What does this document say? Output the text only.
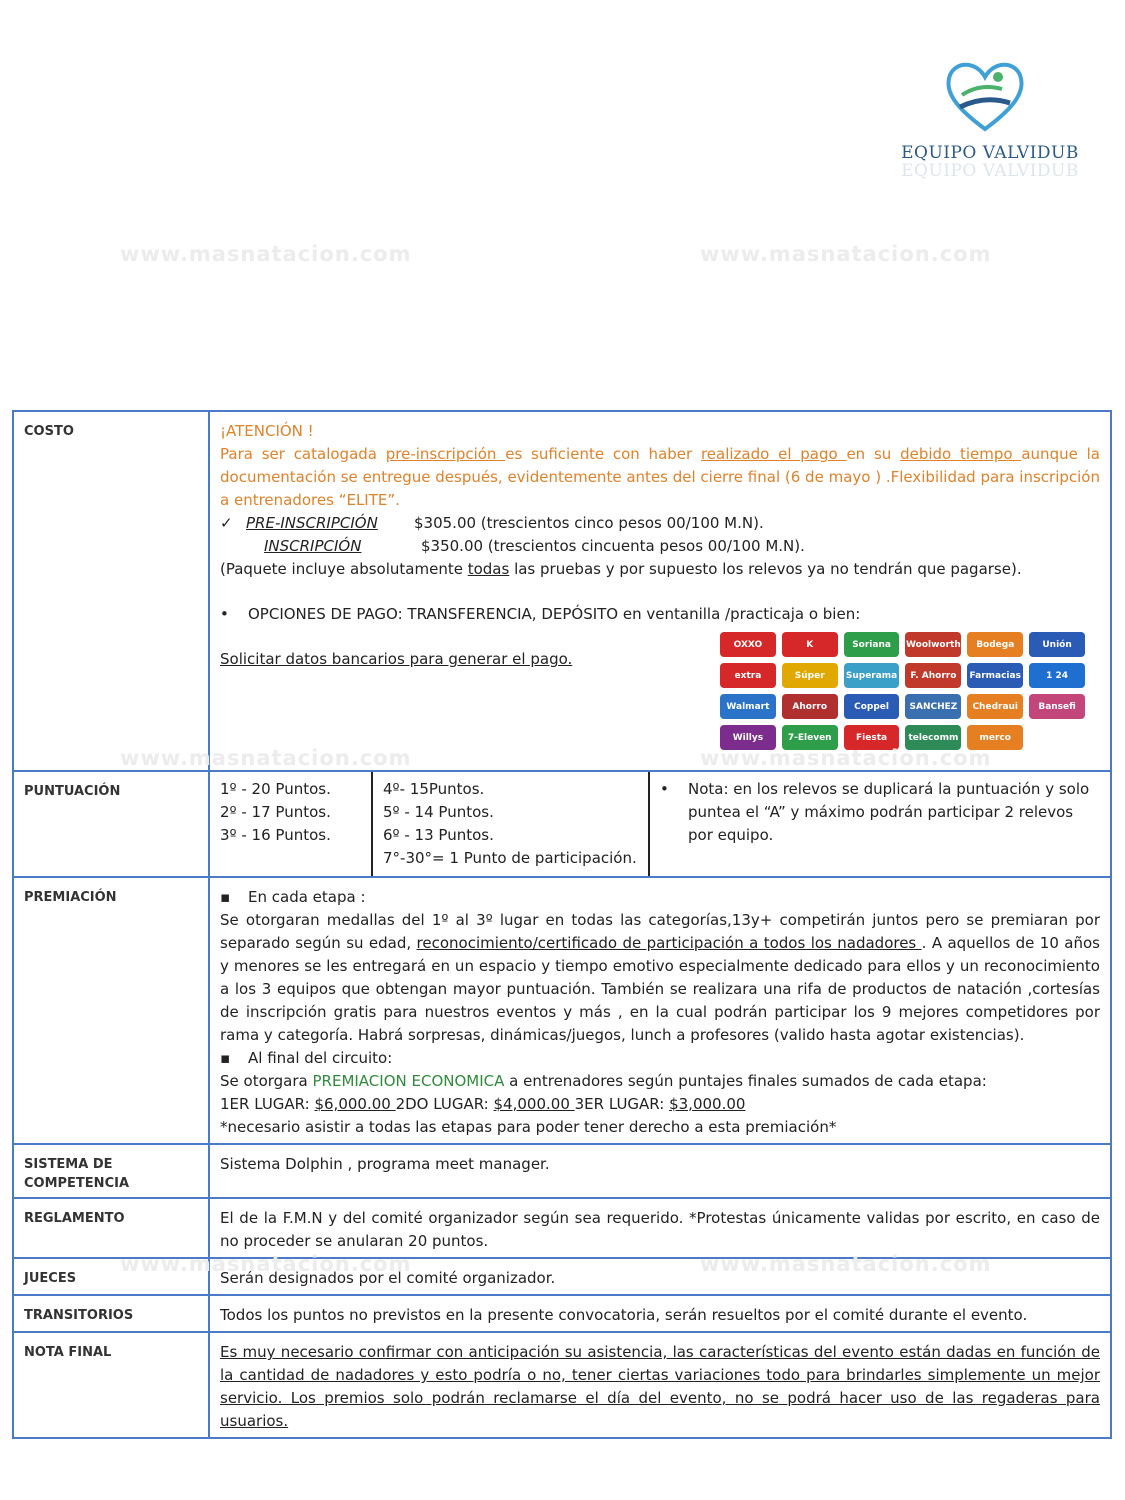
EQUIPO VALVIDUB
EQUIPO VALVIDUB
www.masnatacion.com	www.masnatacion.com
www.masnatacion.com	www.masnatacion.com
www.masnatacion.com	www.masnatacion.com
COSTO	¡ATENCIÓN !
Para ser catalogada pre-inscripción es suficiente con haber realizado el pago en su debido tiempo aunque la documentación se entregue después, evidentemente antes del cierre final (6 de mayo ) .Flexibilidad para inscripción a entrenadores “ELITE”.
✓ PRE-INSCRIPCIÓN $305.00 (trescientos cinco pesos 00/100 M.N).
INSCRIPCIÓN	$350.00 (trescientos cincuenta pesos 00/100 M.N).
(Paquete incluye absolutamente todas las pruebas y por supuesto los relevos ya no tendrán que pagarse).
• OPCIONES DE PAGO: TRANSFERENCIA, DEPÓSITO en ventanilla /practicaja o bien:
Solicitar datos bancarios para generar el pago.

PUNTUACIÓN		1º - 20 Puntos.
2º - 17 Puntos.
3º - 16 Puntos.

4º- 15Puntos.
5º - 14 Puntos.
6º - 13 Puntos.
7°-30°= 1 Punto de participación.

•	Nota: en los relevos se duplicará la puntuación y solo puntea el “A” y máximo podrán participar 2 relevos por equipo.

PREMIACIÓN	▪ En cada etapa :
Se otorgaran medallas del 1º al 3º lugar en todas las categorías,13y+ competirán juntos pero se premiaran por separado según su edad, reconocimiento/certificado de participación a todos los nadadores . A aquellos de 10 años y menores se les entregará en un espacio y tiempo emotivo especialmente dedicado para ellos y un reconocimiento a los 3 equipos que obtengan mayor puntuación. También se realizara una rifa de productos de natación ,cortesías de inscripción gratis para nuestros eventos y más , en la cual podrán participar los 9 mejores competidores por rama y categoría. Habrá sorpresas, dinámicas/juegos, lunch a profesores (valido hasta agotar existencias).
▪ Al final del circuito:
Se otorgara PREMIACION ECONOMICA a entrenadores según puntajes finales sumados de cada etapa:
1ER LUGAR: $6,000.00 2DO LUGAR: $4,000.00 3ER LUGAR: $3,000.00
*necesario asistir a todas las etapas para poder tener derecho a esta premiación*

SISTEMA DE COMPETENCIA	Sistema Dolphin , programa meet manager.
REGLAMENTO	El de la F.M.N y del comité organizador según sea requerido. *Protestas únicamente validas por escrito, en caso de no proceder se anularan 20 puntos.
JUECES	Serán designados por el comité organizador.
TRANSITORIOS	Todos los puntos no previstos en la presente convocatoria, serán resueltos por el comité durante el evento.
NOTA FINAL	Es muy necesario confirmar con anticipación su asistencia, las características del evento están dadas en función de la cantidad de nadadores y esto podría o no, tener ciertas variaciones todo para brindarles simplemente un mejor servicio. Los premios solo podrán reclamarse el día del evento, no se podrá hacer uso de las regaderas para usuarios.
OXXO	K	Soriana	Woolworth	Bodega	Unión
extra	Súper	Superama	F. Ahorro	Farmacias	1 24
Walmart	Ahorro	Coppel	SANCHEZ	Chedraui	Bansefi
Willys	7-Eleven	Fiesta	telecomm	merco
